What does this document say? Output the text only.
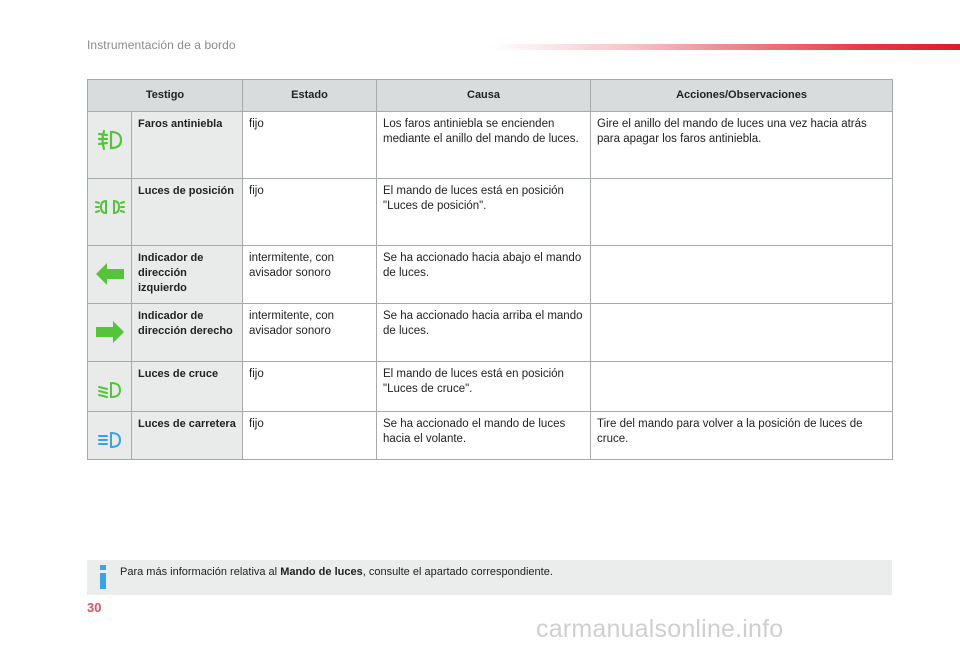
Instrumentación de a bordo
Testigo		Estado	Causa	Acciones/Observaciones

	Faros antiniebla	fijo	Los faros antiniebla se encienden mediante el anillo del mando de luces.	Gire el anillo del mando de luces una vez hacia atrás para apagar los faros antiniebla.

	Luces de posición	fijo	El mando de luces está en posición "Luces de posición".	

	Indicador de dirección izquierdo	intermitente, con avisador sonoro	Se ha accionado hacia abajo el mando de luces.	

	Indicador de dirección derecho	intermitente, con avisador sonoro	Se ha accionado hacia arriba el mando de luces.	

	Luces de cruce	fijo	El mando de luces está en posición "Luces de cruce".	

	Luces de carretera	fijo	Se ha accionado el mando de luces hacia el volante.	Tire del mando para volver a la posición de luces de cruce.
Para más información relativa al Mando de luces, consulte el apartado correspondiente.
30
carmanualsonline.info
